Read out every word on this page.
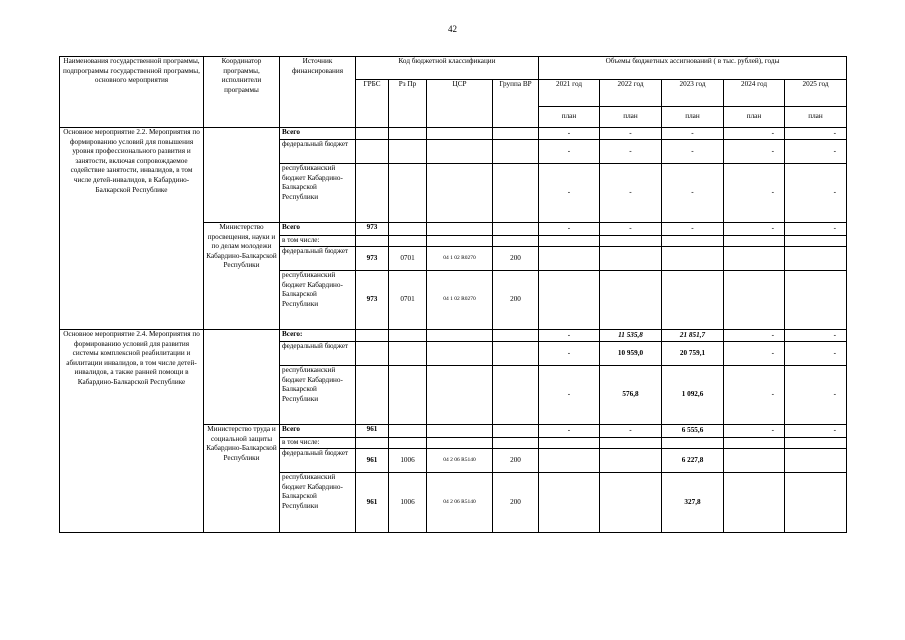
42
Наименования государственной программы, подпрограммы государственной программы, основного мероприятия	Координатор программы, исполнители программы	Источник финансирования	Код бюджетной классификации				Объемы бюджетных ассигнований ( в тыс. рублей), годы				
			ГРБС	Рз Пр	ЦСР	Группа ВР	2021 год	2022 год	2023 год	2024 год	2025 год
							план	план	план	план	план
Основное мероприятие 2.2. Мероприятия по формированию условий для повышения уровня профессионального развития и занятости, включая сопровождаемое содействие занятости, инвалидов, в том числе детей-инвалидов, в Кабардино-Балкарской Республике		Всего					-	-	-	-	-
		федеральный бюджет					-	-	-	-	-
		республиканский бюджет Кабардино-Балкарской Республики					-	-	-	-	-
	Министерство просвещения, науки и по делам молодежи Кабардино-Балкарской Республики	Всего	973				-	-	-	-	-
		в том числе:									
		федеральный бюджет	973	0701	04 1 02 R0270	200					
		республиканский бюджет Кабардино-Балкарской Республики	973	0701	04 1 02 R0270	200					
Основное мероприятие 2.4. Мероприятия по формированию условий для развития системы комплексной реабилитации и абилитации инвалидов, в том числе детей-инвалидов, а также ранней помощи в Кабардино-Балкарской Республике		Всего:					-	11 535,8	21 851,7	-	-
		федеральный бюджет					-	10 959,0	20 759,1	-	-
		республиканский бюджет Кабардино-Балкарской Республики					-	576,8	1 092,6	-	-
	Министерство труда и социальной защиты Кабардино-Балкарской Республики	Всего	961				-	-	6 555,6	-	-
		в том числе:									
		федеральный бюджет	961	1006	04 2 06 R5140	200			6 227,8		
		республиканский бюджет Кабардино-Балкарской Республики	961	1006	04 2 06 R5140	200			327,8		
